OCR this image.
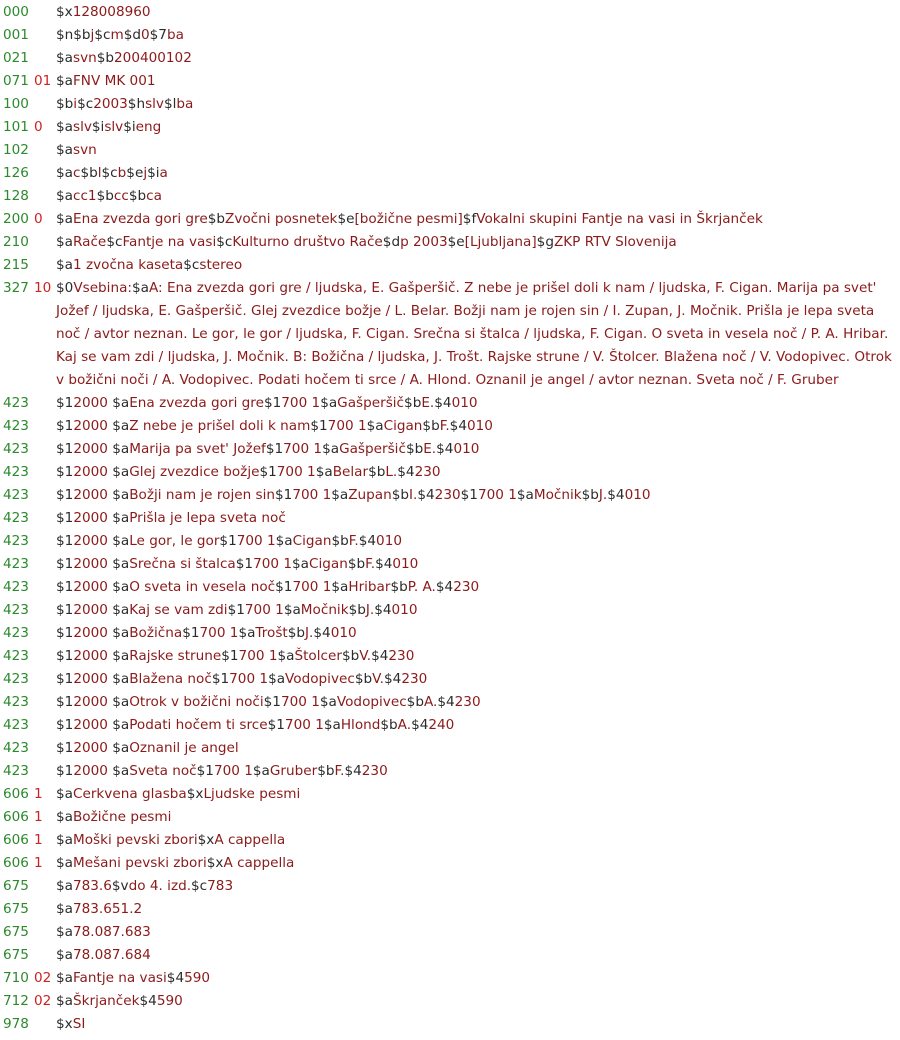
000 $x128008960
001 $n$bj$cm$d0$7ba
021 $asvn$b200400102
071 01 $aFNV MK 001
100 $bi$c2003$hslv$lba
101 0 $aslv$islv$ieng
102 $asvn
126 $ac$bl$cb$ej$ia
128 $acc1$bcc$bca
200 0 $aEna zvezda gori gre$bZvočni posnetek$e[božične pesmi]$fVokalni skupini Fantje na vasi in Škrjanček
210 $aRače$cFantje na vasi$cKulturno društvo Rače$dp 2003$e[Ljubljana]$gZKP RTV Slovenija
215 $a1 zvočna kaseta$cstereo
327 10 $0Vsebina:$aA: Ena zvezda gori gre / ljudska, E. Gašperšič. Z nebe je prišel doli k nam / ljudska, F. Cigan. Marija pa svet' Jožef / ljudska, E. Gašperšič. Glej zvezdice božje / L. Belar. Božji nam je rojen sin / I. Zupan, J. Močnik. Prišla je lepa sveta noč / avtor neznan. Le gor, le gor / ljudska, F. Cigan. Srečna si štalca / ljudska, F. Cigan. O sveta in vesela noč / P. A. Hribar. Kaj se vam zdi / ljudska, J. Močnik. B: Božična / ljudska, J. Trošt. Rajske strune / V. Štolcer. Blažena noč / V. Vodopivec. Otrok v božični noči / A. Vodopivec. Podati hočem ti srce / A. Hlond. Oznanil je angel / avtor neznan. Sveta noč / F. Gruber
423 $12000 $aEna zvezda gori gre$1700 1$aGašperšič$bE.$4010
423 $12000 $aZ nebe je prišel doli k nam$1700 1$aCigan$bF.$4010
423 $12000 $aMarija pa svet' Jožef$1700 1$aGašperšič$bE.$4010
423 $12000 $aGlej zvezdice božje$1700 1$aBelar$bL.$4230
423 $12000 $aBožji nam je rojen sin$1700 1$aZupan$bI.$4230$1700 1$aMočnik$bJ.$4010
423 $12000 $aPrišla je lepa sveta noč
423 $12000 $aLe gor, le gor$1700 1$aCigan$bF.$4010
423 $12000 $aSrečna si štalca$1700 1$aCigan$bF.$4010
423 $12000 $aO sveta in vesela noč$1700 1$aHribar$bP. A.$4230
423 $12000 $aKaj se vam zdi$1700 1$aMočnik$bJ.$4010
423 $12000 $aBožična$1700 1$aTrošt$bJ.$4010
423 $12000 $aRajske strune$1700 1$aŠtolcer$bV.$4230
423 $12000 $aBlažena noč$1700 1$aVodopivec$bV.$4230
423 $12000 $aOtrok v božični noči$1700 1$aVodopivec$bA.$4230
423 $12000 $aPodati hočem ti srce$1700 1$aHlond$bA.$4240
423 $12000 $aOznanil je angel
423 $12000 $aSveta noč$1700 1$aGruber$bF.$4230
606 1 $aCerkvena glasba$xLjudske pesmi
606 1 $aBožične pesmi
606 1 $aMoški pevski zbori$xA cappella
606 1 $aMešani pevski zbori$xA cappella
675 $a783.6$vdo 4. izd.$c783
675 $a783.651.2
675 $a78.087.683
675 $a78.087.684
710 02 $aFantje na vasi$4590
712 02 $aŠkrjanček$4590
978 $xSI
